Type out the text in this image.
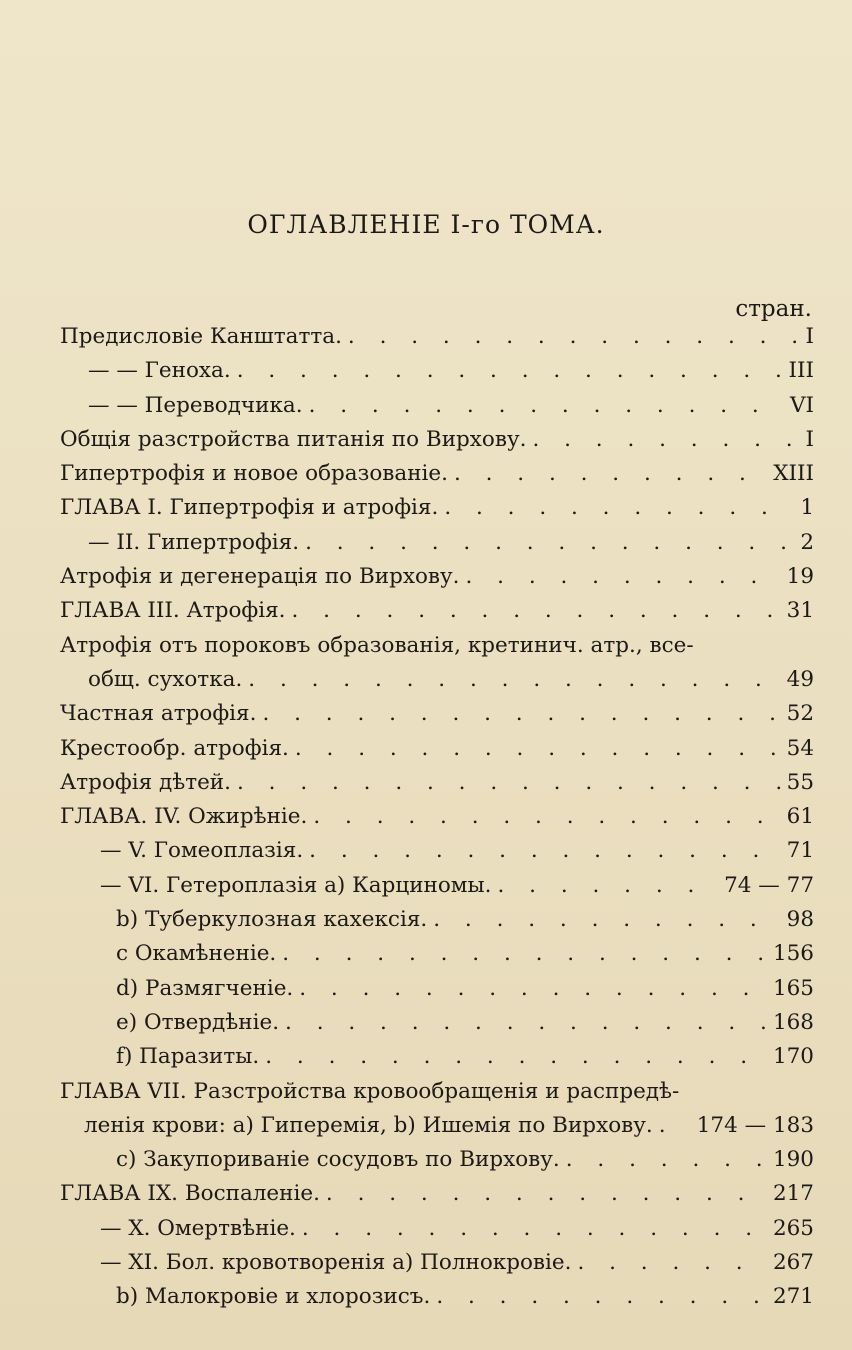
ОГЛАВЛЕНIЕ I-го ТОМА.
стран.
Предисловiе Канштатта. . . .	I
— — Геноха. . . .	III
— — Переводчика. . . .	VI
Общiя разстройства питанiя по Вирхову. . . .	I
Гипертрофiя и новое образованiе. . . .	XIII
ГЛАВА I. Гипертрофiя и атрофiя. . . .	1
— II. Гипертрофiя. . . .	2
Атрофiя и дегенерацiя по Вирхову. . . .	19
ГЛАВА III. Атрофiя. . . .	31
Атрофiя отъ пороковъ образованiя, кретинич. атр., все-
общ. сухотка. . . .	49
Частная атрофiя. . . .	52
Крестообр. атрофiя. . . .	54
Атрофiя дѣтей. . . .	55
ГЛАВА. IV. Ожирѣнiе. . . .	61
— V. Гомеоплазiя. . . .	71
— VI. Гетероплазiя а) Карциномы. . . .	74 — 77
b) Туберкулозная кахексiя. . . .	98
c Окамѣненiе. . . .	156
d) Размягченiе. . . .	165
e) Отвердѣнiе. . . .	168
f) Паразиты. . . .	170
ГЛАВА VII. Разстройства кровообращенiя и распредѣ-
ленiя крови: а) Гиперемiя, b) Ишемiя по Вирхову. . . . 174 — 183
c) Закупориванiе сосудовъ по Вирхову. . . .	190
ГЛАВА IX. Воспаленiе. . . .	217
— X. Омертвѣнiе. . . .	265
— XI. Бол. кровотворенiя а) Полнокровiе. . . .	267
b) Малокровiе и хлорозисъ. . . .	271
